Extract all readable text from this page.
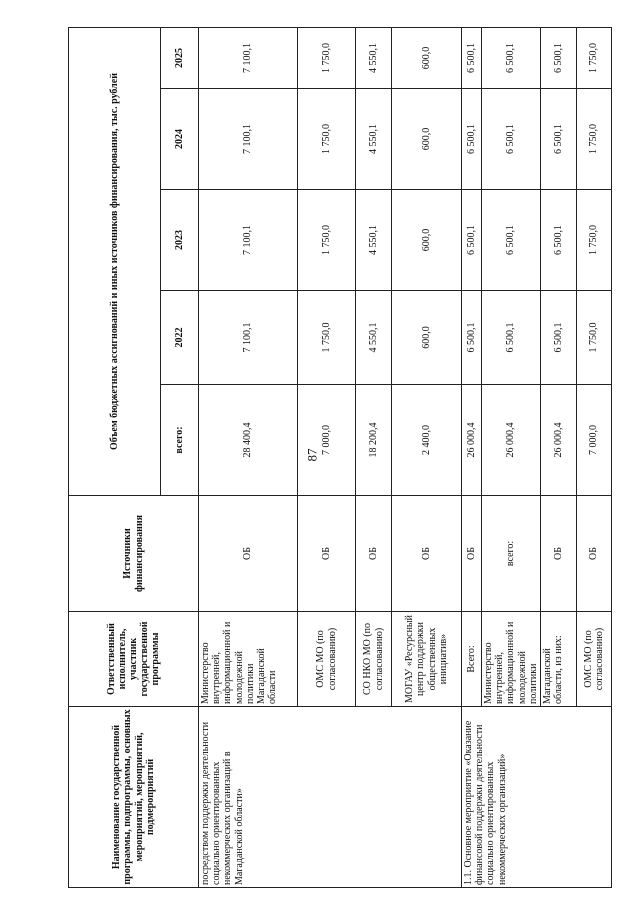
87
Наименование государственной программы, подпрограммы, основных мероприятий, мероприятий, подмероприятий	Ответственный исполнитель, участник государственной программы	Источники финансирования	Объем бюджетных ассигнований и иных источников финансирования, тыс. рублей				
			всего:	2022	2023	2024	2025
посредством поддержки деятельности социально ориентированных некоммерческих организаций в Магаданской области»	Министерство внутренней, информационной и молодежной политики Магаданской области	ОБ	28 400,4	7 100,1	7 100,1	7 100,1	7 100,1
	ОМС МО (по согласованию)	ОБ	7 000,0	1 750,0	1 750,0	1 750,0	1 750,0
	СО НКО МО (по согласованию)	ОБ	18 200,4	4 550,1	4 550,1	4 550,1	4 550,1
	МОГАУ «Ресурсный центр поддержки общественных инициатив»	ОБ	2 400,0	600,0	600,0	600,0	600,0
1.1. Основное мероприятие «Оказание финансовой поддержки деятельности социально ориентированных некоммерческих организаций»	Всего:	ОБ	26 000,4	6 500,1	6 500,1	6 500,1	6 500,1
	Министерство внутренней, информационной и молодежной политики	всего:	26 000,4	6 500,1	6 500,1	6 500,1	6 500,1
	Магаданской области, из них:	ОБ	26 000,4	6 500,1	6 500,1	6 500,1	6 500,1
	ОМС МО (по согласованию)	ОБ	7 000,0	1 750,0	1 750,0	1 750,0	1 750,0
